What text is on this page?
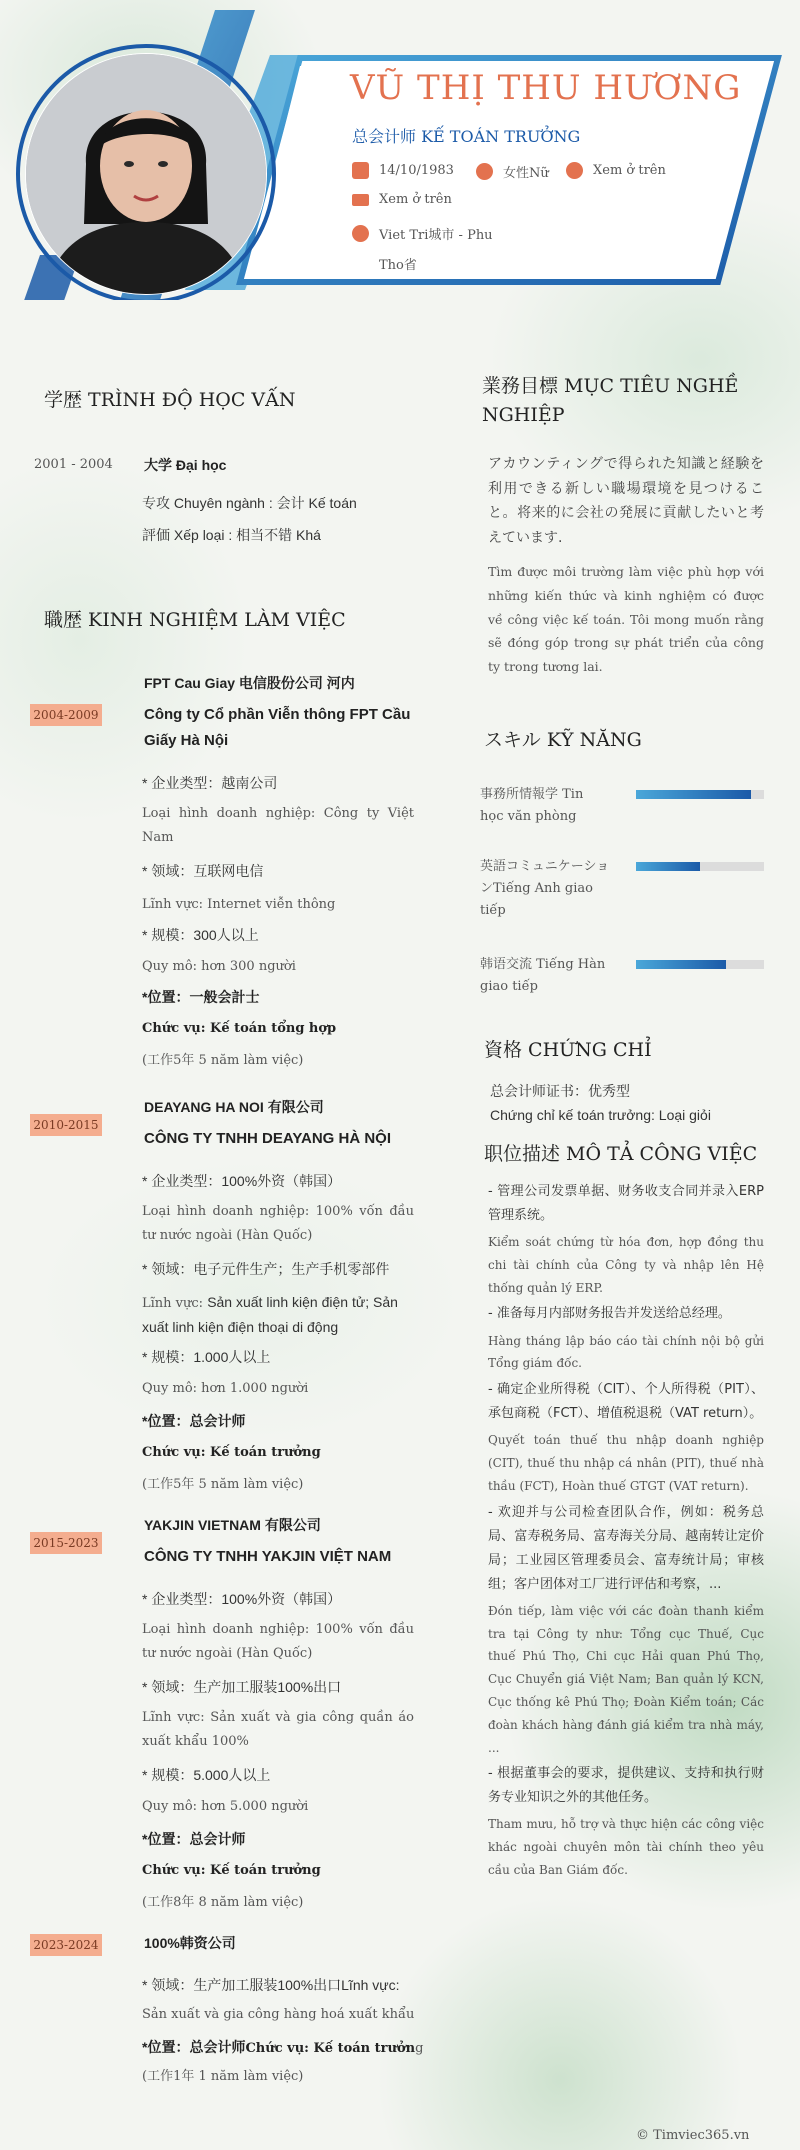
VŨ THỊ THU HƯƠNG
总会计师 KẾ TOÁN TRƯỞNG
14/10/1983	女性Nữ	Xem ở trên
Xem ở trên
Viet Tri城市 - Phu
Tho省
学歴 TRÌNH ĐỘ HỌC VẤN
2001 - 2004 大学 Đại học
专攻 Chuyên ngành : 会计 Kế toán
評価 Xếp loại : 相当不错 Khá
職歴 KINH NGHIỆM LÀM VIỆC
2004-2009
FPT Cau Giay 电信股份公司 河内
Công ty Cổ phần Viễn thông FPT Cầu Giấy Hà Nội
* 企业类型：越南公司
Loại hình doanh nghiệp: Công ty Việt Nam
* 领域：互联网电信
Lĩnh vực: Internet viễn thông
* 规模：300人以上
Quy mô: hơn 300 người
*位置：一般会計士
Chức vụ: Kế toán tổng hợp
(工作5年 5 năm làm việc)
2010-2015
DEAYANG HA NOI 有限公司
CÔNG TY TNHH DEAYANG HÀ NỘI
* 企业类型：100%外资（韩国）
Loại hình doanh nghiệp: 100% vốn đầu tư nước ngoài (Hàn Quốc)
* 领域：电子元件生产；生产手机零部件
Lĩnh vực: Sản xuất linh kiện điện tử; Sản xuất linh kiện điện thoại di động
* 规模：1.000人以上
Quy mô: hơn 1.000 người
*位置：总会计师
Chức vụ: Kế toán trưởng
(工作5年 5 năm làm việc)
2015-2023
YAKJIN VIETNAM 有限公司
CÔNG TY TNHH YAKJIN VIỆT NAM
* 企业类型：100%外资（韩国）
Loại hình doanh nghiệp: 100% vốn đầu tư nước ngoài (Hàn Quốc)
* 领域：生产加工服装100%出口
Lĩnh vực: Sản xuất và gia công quần áo xuất khẩu 100%
* 规模：5.000人以上
Quy mô: hơn 5.000 người
*位置：总会计师
Chức vụ: Kế toán trưởng
(工作8年 8 năm làm việc)
2023-2024	100%韩资公司
* 领域：生产加工服装100%出口Lĩnh vực:
Sản xuất và gia công hàng hoá xuất khẩu
*位置：总会计师Chức vụ: Kế toán trưởng
(工作1年 1 năm làm việc)
業務目標 MỤC TIÊU NGHỀ
NGHIỆP
アカウンティングで得られた知識と経験を利用できる新しい職場環境を見つけること。将来的に会社の発展に貢献したいと考えています.
Tìm được môi trường làm việc phù hợp với những kiến thức và kinh nghiệm có được về công việc kế toán. Tôi mong muốn rằng sẽ đóng góp trong sự phát triển của công ty trong tương lai.
スキル KỸ NĂNG
事務所情報学 Tin
học văn phòng
英語コミュニケーショ
ンTiếng Anh giao
tiếp
韩语交流 Tiếng Hàn
giao tiếp
資格 CHỨNG CHỈ
总会计师证书：优秀型
Chứng chỉ kế toán trưởng: Loại giỏi
职位描述 MÔ TẢ CÔNG VIỆC
- 管理公司发票单据、财务收支合同并录入ERP管理系统。
Kiểm soát chứng từ hóa đơn, hợp đồng thu chi tài chính của Công ty và nhập lên Hệ thống quản lý ERP.
- 准备每月内部财务报告并发送给总经理。
Hàng tháng lập báo cáo tài chính nội bộ gửi Tổng giám đốc.
- 确定企业所得税（CIT）、个人所得税（PIT）、承包商税（FCT）、增值税退税（VAT return）。
Quyết toán thuế thu nhập doanh nghiệp (CIT), thuế thu nhập cá nhân (PIT), thuế nhà thầu (FCT), Hoàn thuế GTGT (VAT return).
- 欢迎并与公司检查团队合作，例如：税务总局、富寿税务局、富寿海关分局、越南转让定价局；工业园区管理委员会、富寿统计局；审核组；客户团体对工厂进行评估和考察，...
Đón tiếp, làm việc với các đoàn thanh kiểm tra tại Công ty như: Tổng cục Thuế, Cục thuế Phú Thọ, Chi cục Hải quan Phú Thọ, Cục Chuyển giá Việt Nam; Ban quản lý KCN, Cục thống kê Phú Thọ; Đoàn Kiểm toán; Các đoàn khách hàng đánh giá kiểm tra nhà máy, ...
- 根据董事会的要求，提供建议、支持和执行财务专业知识之外的其他任务。
Tham mưu, hỗ trợ và thực hiện các công việc khác ngoài chuyên môn tài chính theo yêu cầu của Ban Giám đốc.
© Timviec365.vn
